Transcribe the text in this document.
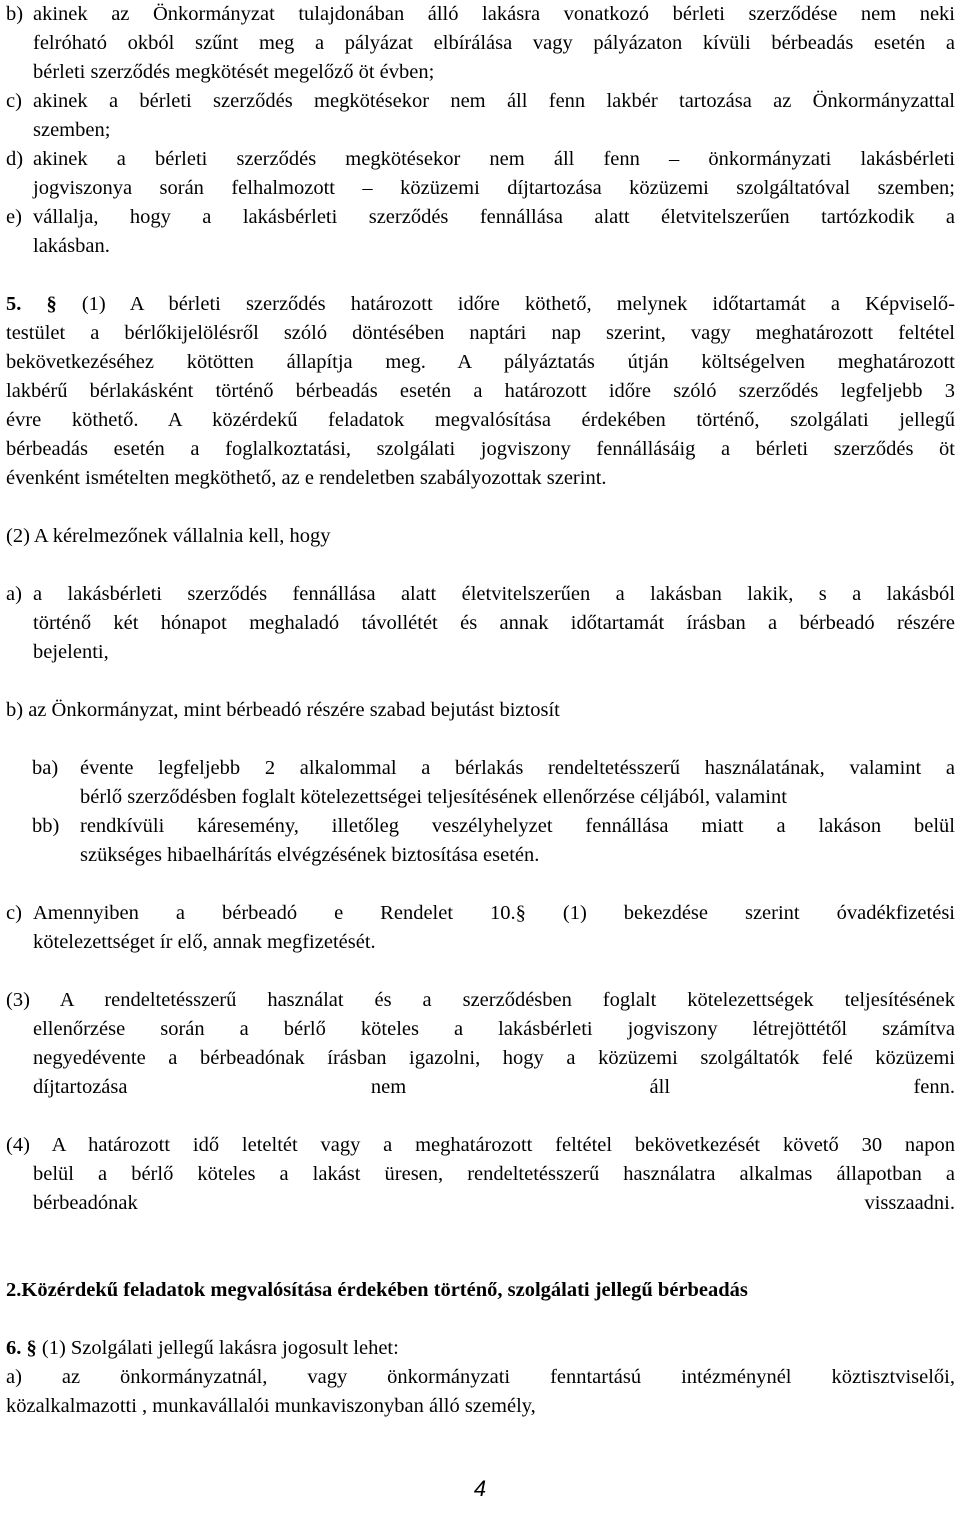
b) akinek az Önkormányzat tulajdonában álló lakásra vonatkozó bérleti szerződése nem neki

felróható okból szűnt meg a pályázat elbírálása vagy pályázaton kívüli bérbeadás esetén a

bérleti szerződés megkötését megelőző öt évben;

c) akinek a bérleti szerződés megkötésekor nem áll fenn lakbér tartozása az Önkormányzattal

szemben;

d) akinek a bérleti szerződés megkötésekor nem áll fenn – önkormányzati lakásbérleti

jogviszonya során felhalmozott – közüzemi díjtartozása közüzemi szolgáltatóval szemben;

e) vállalja, hogy a lakásbérleti szerződés fennállása alatt életvitelszerűen tartózkodik a

lakásban.

5. § (1) A bérleti szerződés határozott időre köthető, melynek időtartamát a Képviselő-

testület a bérlőkijelölésről szóló döntésében naptári nap szerint, vagy meghatározott feltétel

bekövetkezéséhez kötötten állapítja meg. A pályáztatás útján költségelven meghatározott

lakbérű bérlakásként történő bérbeadás esetén a határozott időre szóló szerződés legfeljebb 3

évre köthető. A közérdekű feladatok megvalósítása érdekében történő, szolgálati jellegű

bérbeadás esetén a foglalkoztatási, szolgálati jogviszony fennállásáig a bérleti szerződés öt

évenként ismételten megköthető, az e rendeletben szabályozottak szerint.

(2) A kérelmezőnek vállalnia kell, hogy

a) a lakásbérleti szerződés fennállása alatt életvitelszerűen a lakásban lakik, s a lakásból

történő két hónapot meghaladó távollétét és annak időtartamát írásban a bérbeadó részére

bejelenti,

b) az Önkormányzat, mint bérbeadó részére szabad bejutást biztosít

ba)	évente legfeljebb 2 alkalommal a bérlakás rendeltetésszerű használatának, valamint a

bérlő szerződésben foglalt kötelezettségei teljesítésének ellenőrzése céljából, valamint

bb)	rendkívüli káresemény, illetőleg veszélyhelyzet fennállása miatt a lakáson belül

szükséges hibaelhárítás elvégzésének biztosítása esetén.

c) Amennyiben a bérbeadó e Rendelet 10.§ (1) bekezdése szerint óvadékfizetési

kötelezettséget ír elő, annak megfizetését.

(3) A rendeltetésszerű használat és a szerződésben foglalt kötelezettségek teljesítésének

ellenőrzése során a bérlő köteles a lakásbérleti jogviszony létrejöttétől számítva

negyedévente a bérbeadónak írásban igazolni, hogy a közüzemi szolgáltatók felé közüzemi

díjtartozása nem áll fenn.

(4) A határozott idő leteltét vagy a meghatározott feltétel bekövetkezését követő 30 napon

belül a bérlő köteles a lakást üresen, rendeltetésszerű használatra alkalmas állapotban a

bérbeadónak visszaadni.

2.Közérdekű feladatok megvalósítása érdekében történő, szolgálati jellegű bérbeadás

6. § (1) Szolgálati jellegű lakásra jogosult lehet:

a) az önkormányzatnál, vagy önkormányzati fenntartású intézménynél köztisztviselői,

közalkalmazotti , munkavállalói munkaviszonyban álló személy,

4
